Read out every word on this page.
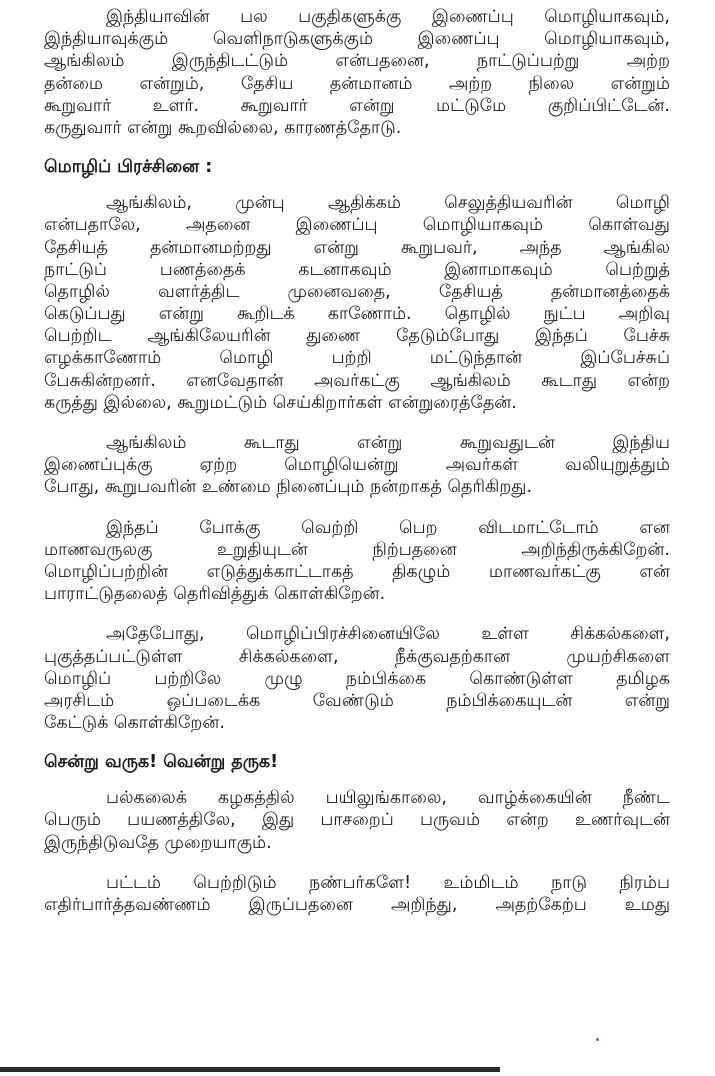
இந்தியாவின் பல பகுதிகளுக்கு இணைப்பு மொழியாகவும்,
இந்தியாவுக்கும் வெளிநாடுகளுக்கும் இணைப்பு மொழியாகவும்,
ஆங்கிலம் இருந்திடட்டும் என்பதனை, நாட்டுப்பற்று அற்ற
தன்மை என்றும், தேசிய தன்மானம் அற்ற நிலை என்றும்
கூறுவார் உளர். கூறுவார் என்று மட்டுமே குறிப்பிட்டேன்.
கருதுவார் என்று கூறவில்லை, காரணத்தோடு.
மொழிப் பிரச்சினை :
ஆங்கிலம், முன்பு ஆதிக்கம் செலுத்தியவரின் மொழி
என்பதாலே, அதனை இணைப்பு மொழியாகவும் கொள்வது
தேசியத் தன்மானமற்றது என்று கூறுபவர், அந்த ஆங்கில
நாட்டுப் பணத்தைக் கடனாகவும் இனாமாகவும் பெற்றுத்
தொழில் வளர்த்திட முனைவதை, தேசியத் தன்மானத்தைக்
கெடுப்பது என்று கூறிடக் காணோம். தொழில் நுட்ப அறிவு
பெற்றிட ஆங்கிலேயரின் துணை தேடும்போது இந்தப் பேச்சு
எழக்காணோம் மொழி பற்றி மட்டுந்தான் இப்பேச்சுப்
பேசுகின்றனர். எனவேதான் அவர்கட்கு ஆங்கிலம் கூடாது என்ற
கருத்து இல்லை, கூறுமட்டும் செய்கிறார்கள் என்றுரைத்தேன்.
ஆங்கிலம் கூடாது என்று கூறுவதுடன் இந்திய
இணைப்புக்கு ஏற்ற மொழியென்று அவர்கள் வலியுறுத்தும்
போது, கூறுபவரின் உண்மை நினைப்பும் நன்றாகத் தெரிகிறது.
இந்தப் போக்கு வெற்றி பெற விடமாட்டோம் என
மாணவருலகு உறுதியுடன் நிற்பதனை அறிந்திருக்கிறேன்.
மொழிப்பற்றின் எடுத்துக்காட்டாகத் திகழும் மாணவர்கட்கு என்
பாராட்டுதலைத் தெரிவித்துக் கொள்கிறேன்.
அதேபோது, மொழிப்பிரச்சினையிலே உள்ள சிக்கல்களை,
புகுத்தப்பட்டுள்ள சிக்கல்களை, நீக்குவதற்கான முயற்சிகளை
மொழிப் பற்றிலே முழு நம்பிக்கை கொண்டுள்ள தமிழக
அரசிடம் ஒப்படைக்க வேண்டும் நம்பிக்கையுடன் என்று
கேட்டுக் கொள்கிறேன்.
சென்று வருக! வென்று தருக!
பல்கலைக் கழகத்தில் பயிலுங்காலை, வாழ்க்கையின் நீண்ட
பெரும் பயணத்திலே, இது பாசறைப் பருவம் என்ற உணர்வுடன்
இருந்திடுவதே முறையாகும்.
பட்டம் பெற்றிடும் நண்பர்களே! உம்மிடம் நாடு நிரம்ப
எதிர்பார்த்தவண்ணம் இருப்பதனை அறிந்து, அதற்கேற்ப உமது
